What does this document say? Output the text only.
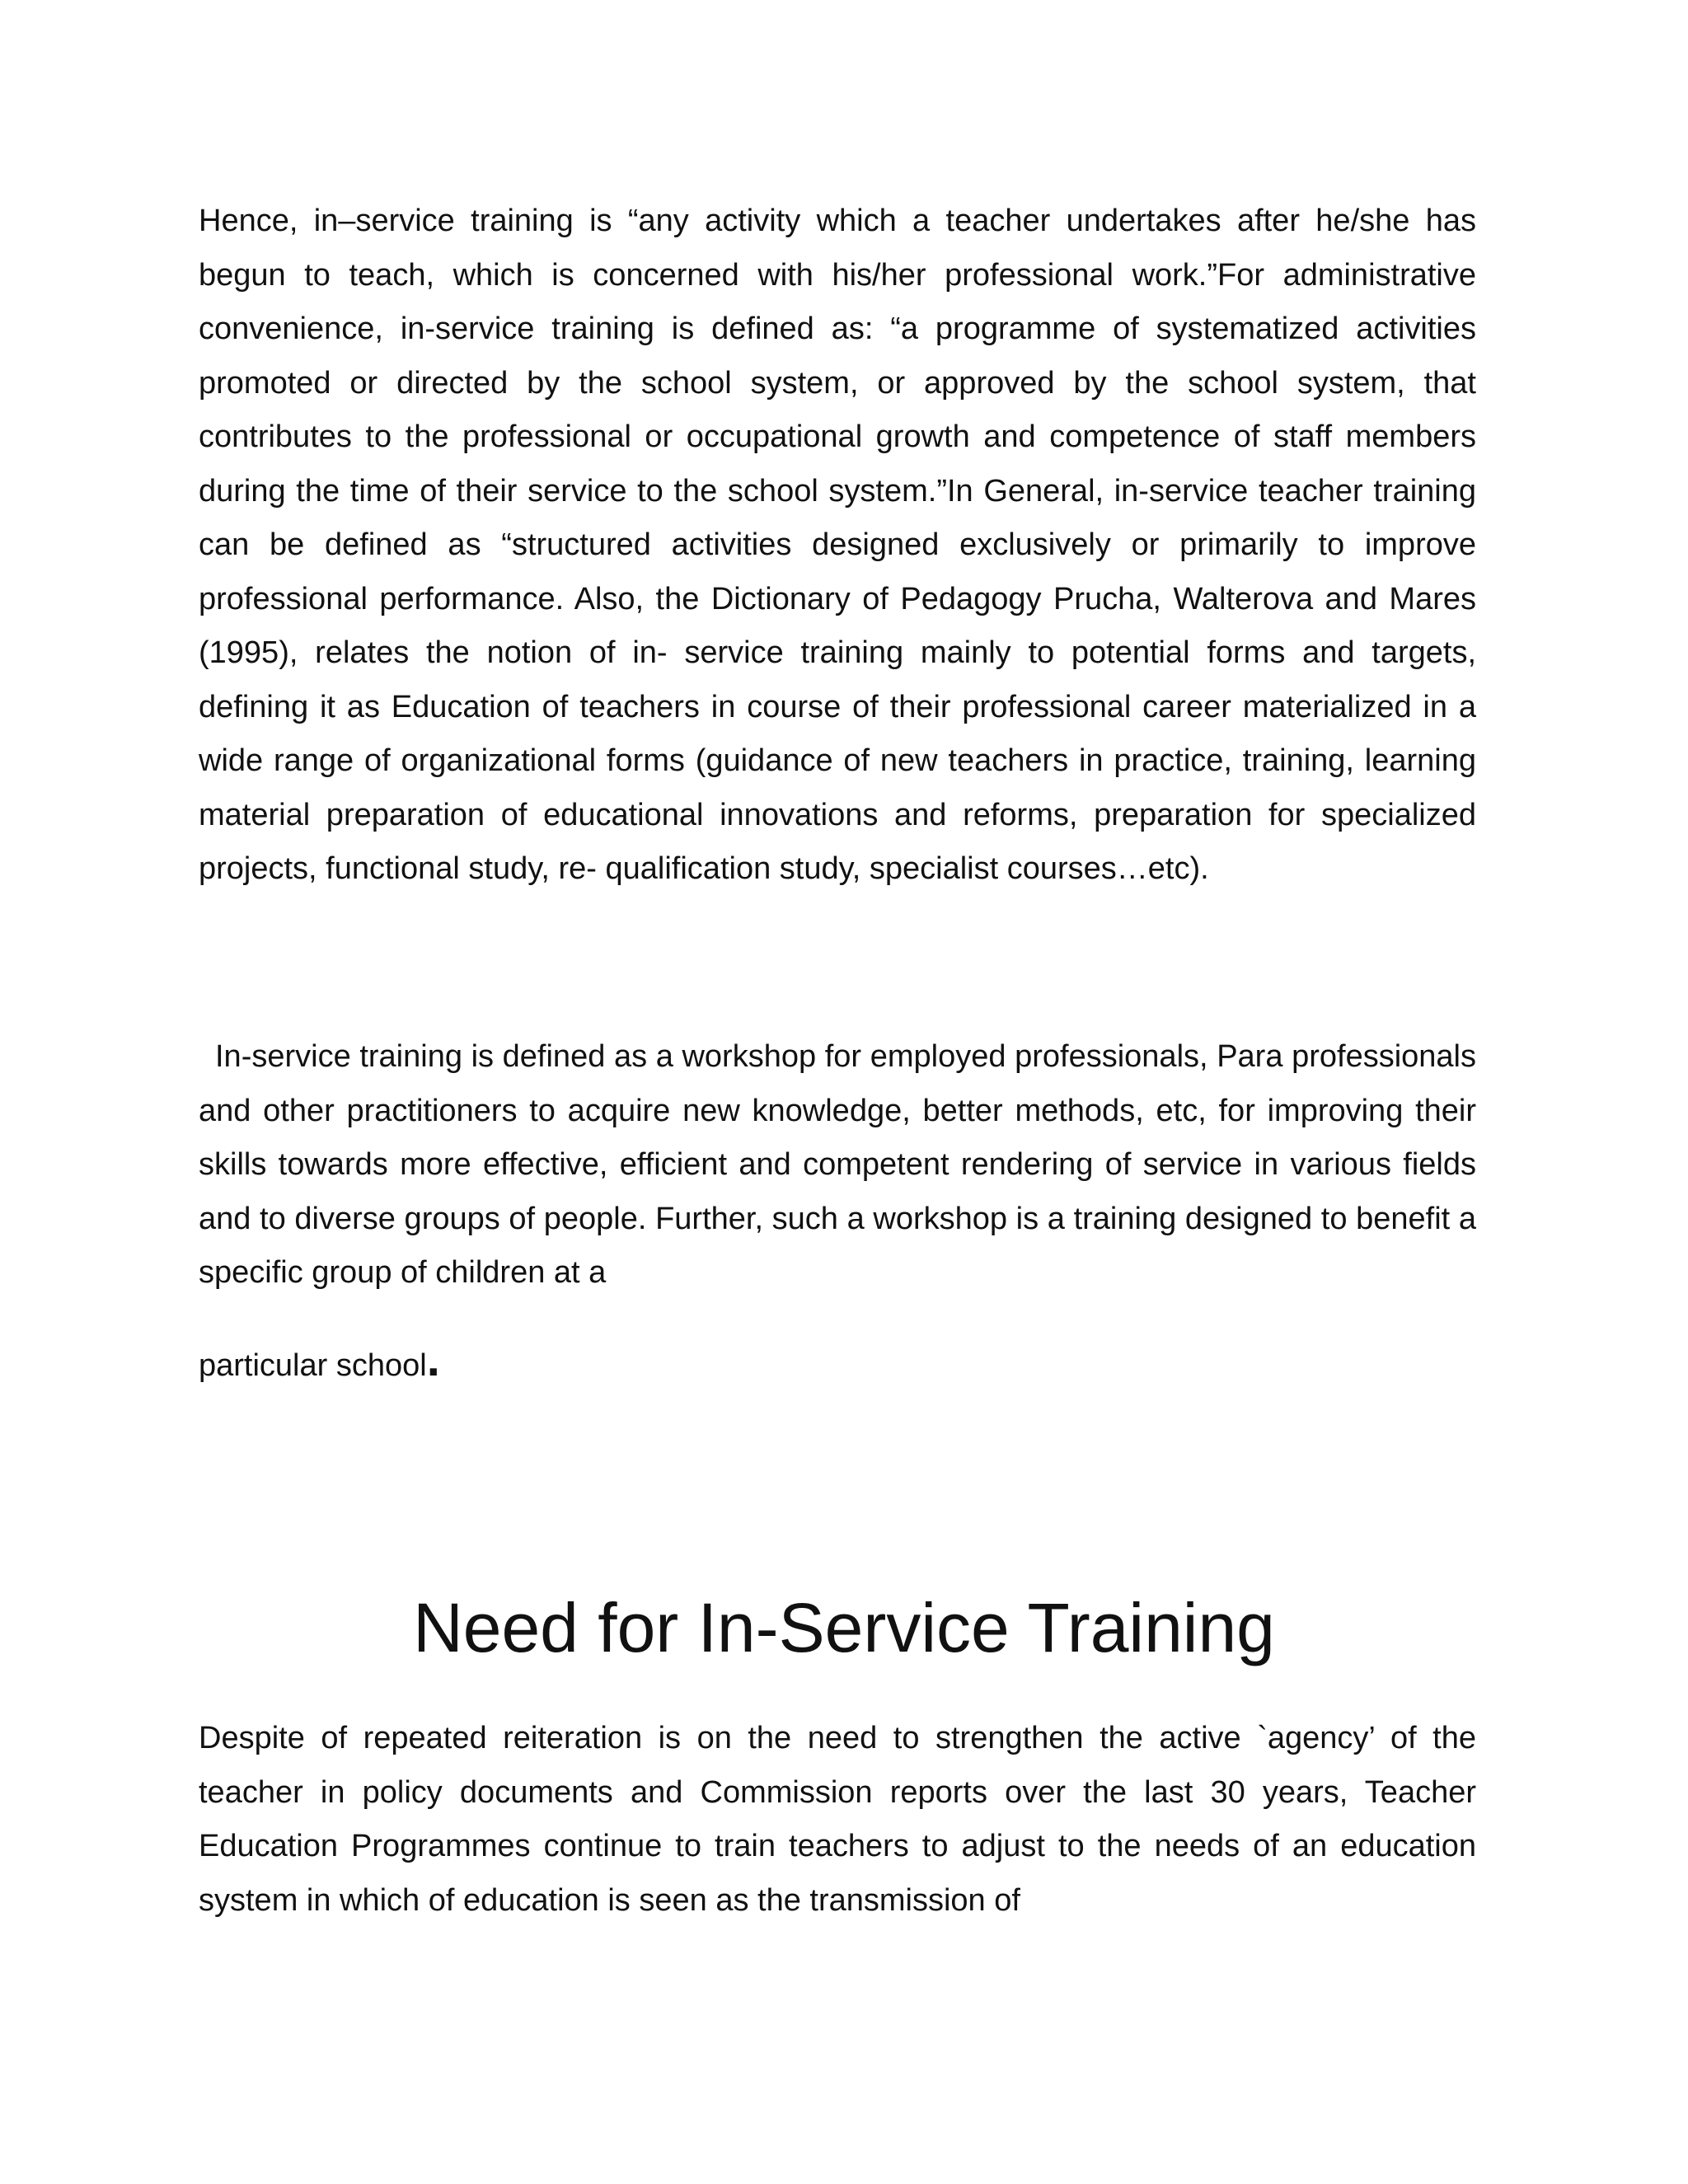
Hence, in–service training is “any activity which a teacher undertakes after he/she has begun to teach, which is concerned with his/her professional work.”For administrative convenience, in-service training is defined as: “a programme of systematized activities promoted or directed by the school system, or approved by the school system, that contributes to the professional or occupational growth and competence of staff members during the time of their service to the school system.”In General, in-service teacher training can be defined as “structured activities designed exclusively or primarily to improve professional performance. Also, the Dictionary of Pedagogy Prucha, Walterova and Mares (1995), relates the notion of in- service training mainly to potential forms and targets, defining it as Education of teachers in course of their professional career materialized in a wide range of organizational forms (guidance of new teachers in practice, training, learning material preparation of educational innovations and reforms, preparation for specialized projects, functional study, re- qualification study, specialist courses…etc).

In-service training is defined as a workshop for employed professionals, Para professionals and other practitioners to acquire new knowledge, better methods, etc, for improving their skills towards more effective, efficient and competent rendering of service in various fields and to diverse groups of people. Further, such a workshop is a training designed to benefit a specific group of children at a

particular school.

Need for In-Service Training

Despite of repeated reiteration is on the need to strengthen the active `agency’ of the teacher in policy documents and Commission reports over the last 30 years, Teacher Education Programmes continue to train teachers to adjust to the needs of an education system in which of education is seen as the transmission of
